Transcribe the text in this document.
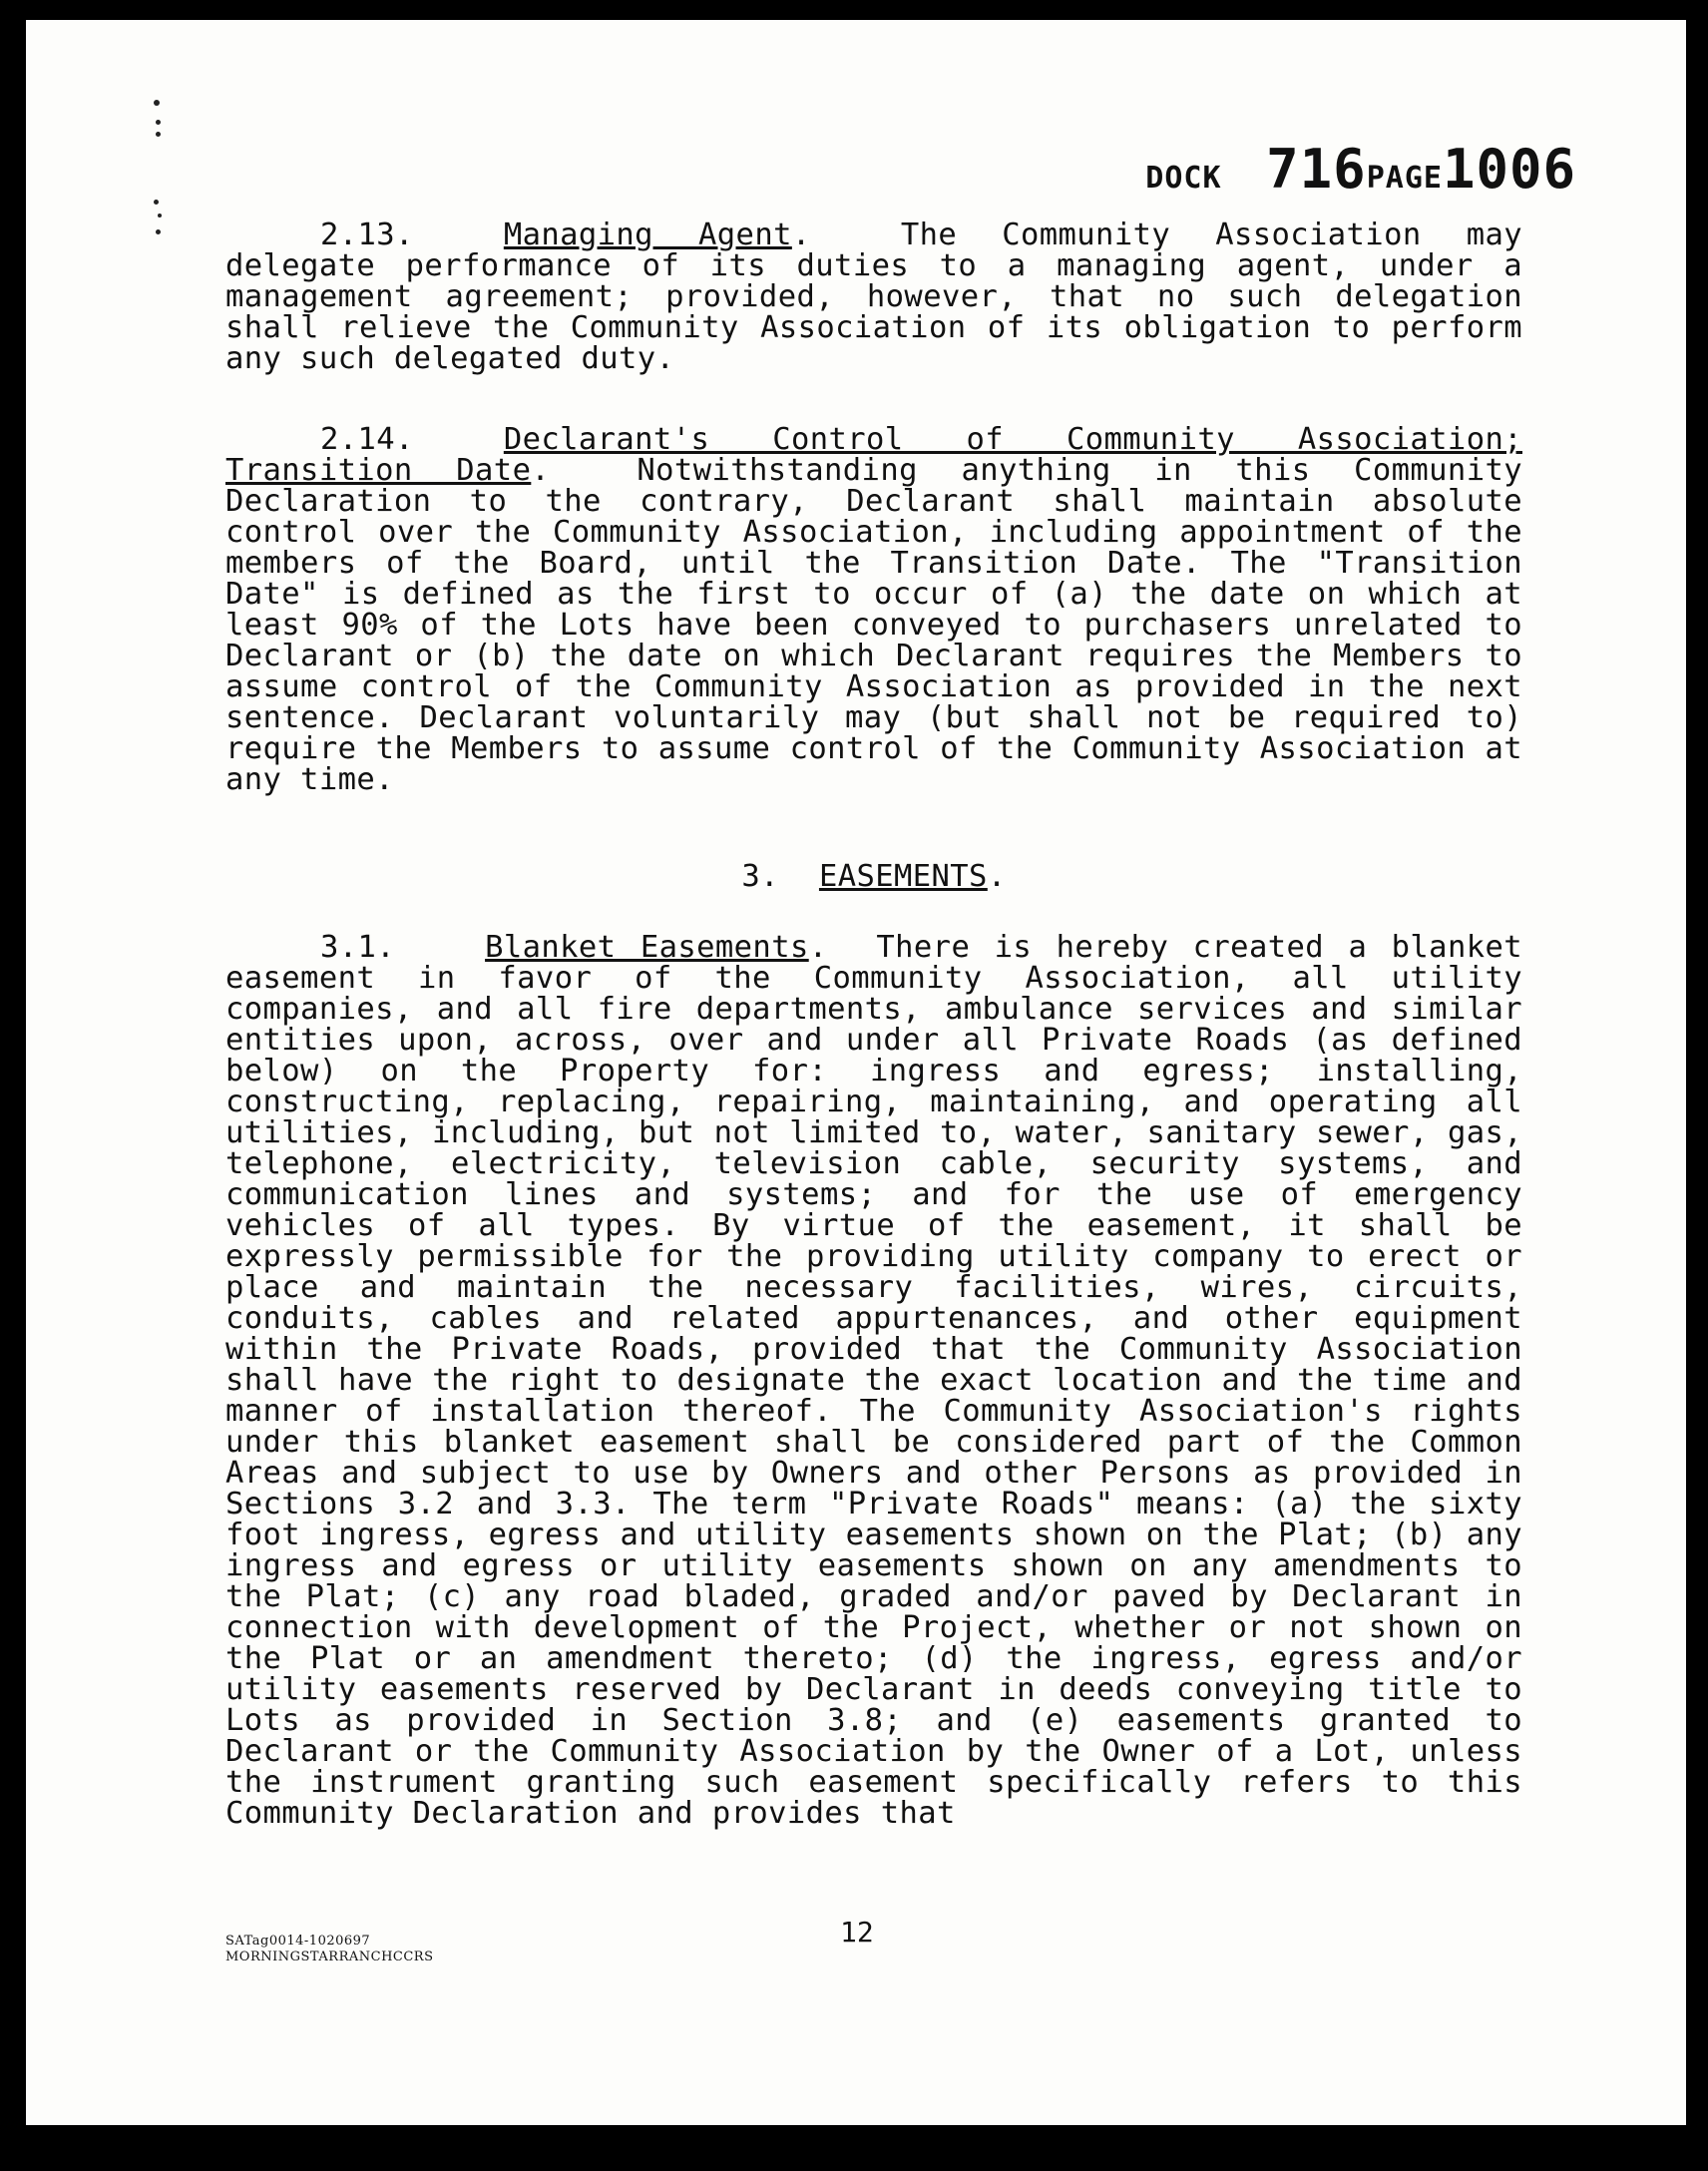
DOCK 716PAGE1006

2.13.	Managing Agent.  The Community Association may delegate performance of its duties to a managing agent, under a management agreement; provided, however, that no such delegation shall relieve the Community Association of its obligation to perform any such delegated duty.

2.14.	Declarant's Control of Community Association; Transition Date.  Notwithstanding anything in this Community Declaration to the contrary, Declarant shall maintain absolute control over the Community Association, including appointment of the members of the Board, until the Transition Date. The "Transition Date" is defined as the first to occur of (a) the date on which at least 90% of the Lots have been conveyed to purchasers unrelated to Declarant or (b) the date on which Declarant requires the Members to assume control of the Community Association as provided in the next sentence. Declarant voluntarily may (but shall not be required to) require the Members to assume control of the Community Association at any time.

3. EASEMENTS.

3.1.	Blanket Easements.  There is hereby created a blanket easement in favor of the Community Association, all utility companies, and all fire departments, ambulance services and similar entities upon, across, over and under all Private Roads (as defined below) on the Property for: ingress and egress; installing, constructing, replacing, repairing, maintaining, and operating all utilities, including, but not limited to, water, sanitary sewer, gas, telephone, electricity, television cable, security systems, and communication lines and systems; and for the use of emergency vehicles of all types. By virtue of the easement, it shall be expressly permissible for the providing utility company to erect or place and maintain the necessary facilities, wires, circuits, conduits, cables and related appurtenances, and other equipment within the Private Roads, provided that the Community Association shall have the right to designate the exact location and the time and manner of installation thereof. The Community Association's rights under this blanket easement shall be considered part of the Common Areas and subject to use by Owners and other Persons as provided in Sections 3.2 and 3.3. The term "Private Roads" means: (a) the sixty foot ingress, egress and utility easements shown on the Plat; (b) any ingress and egress or utility easements shown on any amendments to the Plat; (c) any road bladed, graded and/or paved by Declarant in connection with development of the Project, whether or not shown on the Plat or an amendment thereto; (d) the ingress, egress and/or utility easements reserved by Declarant in deeds conveying title to Lots as provided in Section 3.8; and (e) easements granted to Declarant or the Community Association by the Owner of a Lot, unless the instrument granting such easement specifically refers to this Community Declaration and provides that

SATag0014-1020697
MORNINGSTARRANCHCCRS
12
